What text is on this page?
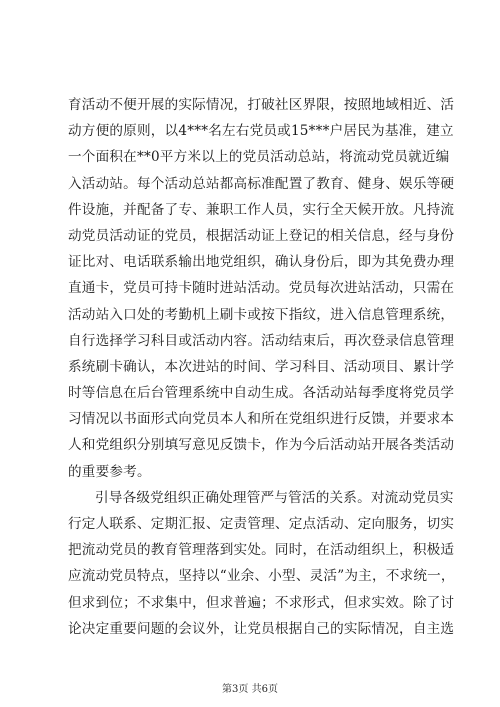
育活动不便开展的实际情况，打破社区界限，按照地域相近、活
动方便的原则，以4***名左右党员或15***户居民为基准，建立
一个面积在**0平方米以上的党员活动总站，将流动党员就近编
入活动站。每个活动总站都高标准配置了教育、健身、娱乐等硬
件设施，并配备了专、兼职工作人员，实行全天候开放。凡持流
动党员活动证的党员，根据活动证上登记的相关信息，经与身份
证比对、电话联系输出地党组织，确认身份后，即为其免费办理
直通卡，党员可持卡随时进站活动。党员每次进站活动，只需在
活动站入口处的考勤机上刷卡或按下指纹，进入信息管理系统，
自行选择学习科目或活动内容。活动结束后，再次登录信息管理
系统刷卡确认，本次进站的时间、学习科目、活动项目、累计学
时等信息在后台管理系统中自动生成。各活动站每季度将党员学
习情况以书面形式向党员本人和所在党组织进行反馈，并要求本
人和党组织分别填写意见反馈卡，作为今后活动站开展各类活动
的重要参考。
引导各级党组织正确处理管严与管活的关系。对流动党员实
行定人联系、定期汇报、定责管理、定点活动、定向服务，切实
把流动党员的教育管理落到实处。同时，在活动组织上，积极适
应流动党员特点，坚持以“业余、小型、灵活”为主，不求统一，
但求到位；不求集中，但求普遍；不求形式，但求实效。除了讨
论决定重要问题的会议外，让党员根据自己的实际情况，自主选
第3页 共6页
